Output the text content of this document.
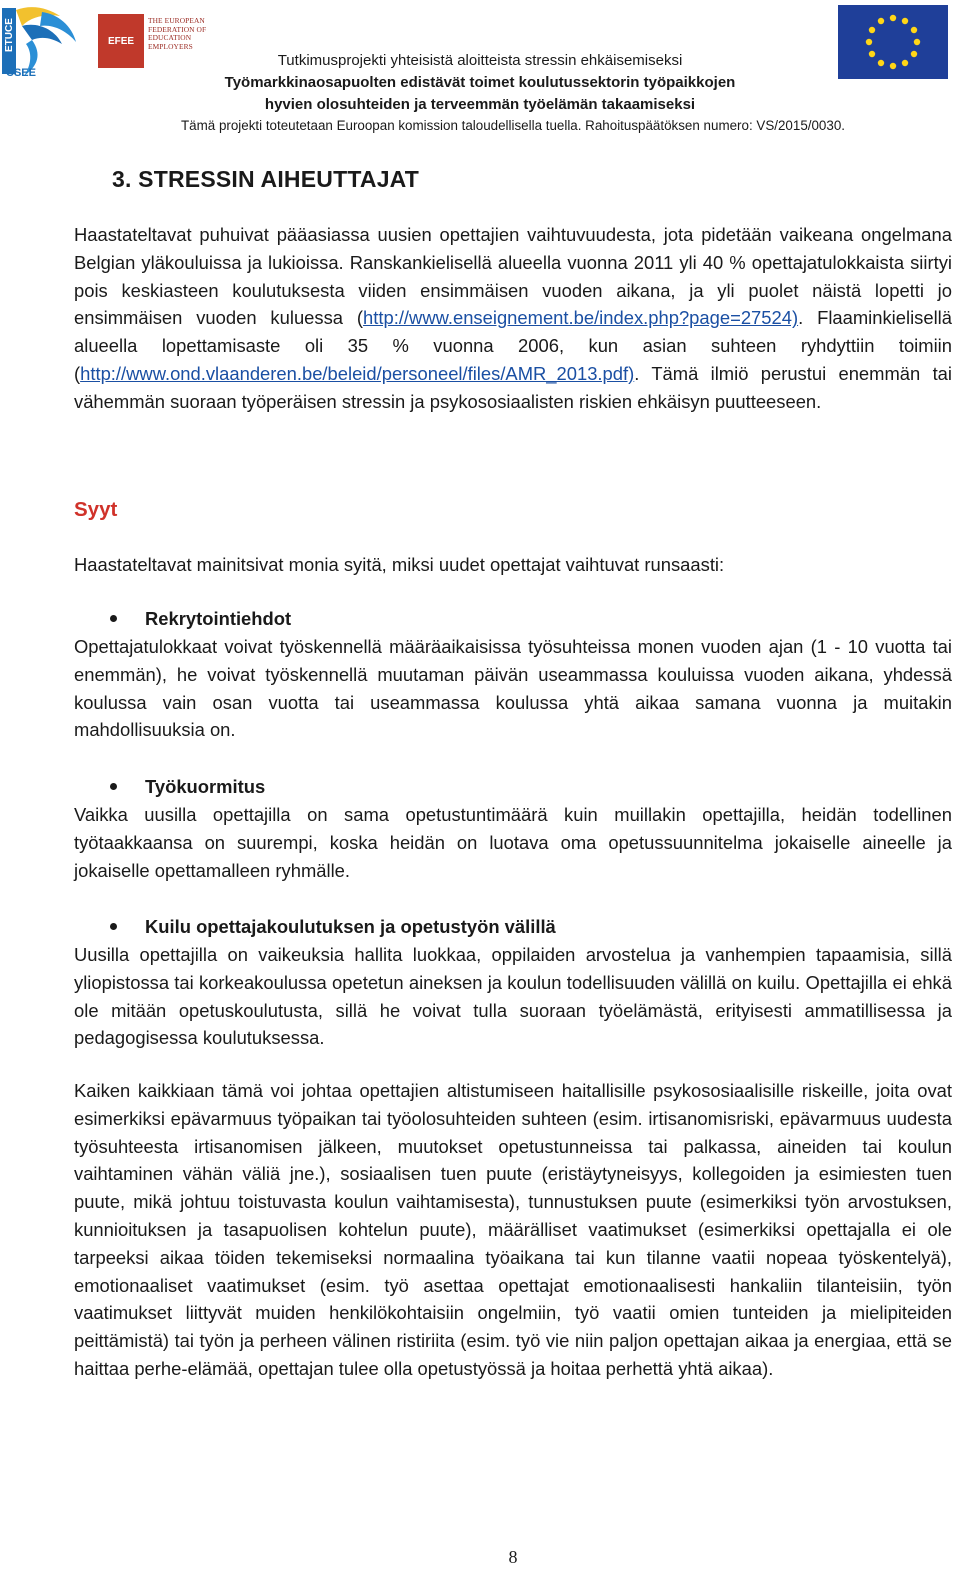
ETUCE
CSEE
EFEE
THE EUROPEAN FEDERATION OF EDUCATION EMPLOYERS
Tutkimusprojekti yhteisistä aloitteista stressin ehkäisemiseksi
Työmarkkinaosapuolten edistävät toimet koulutussektorin työpaikkojen
hyvien olosuhteiden ja terveemmän työelämän takaamiseksi
Tämä projekti toteutetaan Euroopan komission taloudellisella tuella. Rahoituspäätöksen numero: VS/2015/0030.
3. STRESSIN AIHEUTTAJAT
Haastateltavat puhuivat pääasiassa uusien opettajien vaihtuvuudesta, jota pidetään vaikeana ongelmana Belgian yläkouluissa ja lukioissa. Ranskankielisellä alueella vuonna 2011 yli 40 % opettajatulokkaista siirtyi pois keskiasteen koulutuksesta viiden ensimmäisen vuoden aikana, ja yli puolet näistä lopetti jo ensimmäisen vuoden kuluessa (http://www.enseignement.be/index.php?page=27524). Flaaminkielisellä alueella lopettamisaste oli 35 % vuonna 2006, kun asian suhteen ryhdyttiin toimiin (http://www.ond.vlaanderen.be/beleid/personeel/files/AMR_2013.pdf). Tämä ilmiö perustui enemmän tai vähemmän suoraan työperäisen stressin ja psykososiaalisten riskien ehkäisyn puutteeseen.
Syyt
Haastateltavat mainitsivat monia syitä, miksi uudet opettajat vaihtuvat runsaasti:
Rekrytointiehdot
Opettajatulokkaat voivat työskennellä määräaikaisissa työsuhteissa monen vuoden ajan (1 - 10 vuotta tai enemmän), he voivat työskennellä muutaman päivän useammassa kouluissa vuoden aikana, yhdessä koulussa vain osan vuotta tai useammassa koulussa yhtä aikaa samana vuonna ja muitakin mahdollisuuksia on.
Työkuormitus
Vaikka uusilla opettajilla on sama opetustuntimäärä kuin muillakin opettajilla, heidän todellinen työtaakkaansa on suurempi, koska heidän on luotava oma opetussuunnitelma jokaiselle aineelle ja jokaiselle opettamalleen ryhmälle.
Kuilu opettajakoulutuksen ja opetustyön välillä
Uusilla opettajilla on vaikeuksia hallita luokkaa, oppilaiden arvostelua ja vanhempien tapaamisia, sillä yliopistossa tai korkeakoulussa opetetun aineksen ja koulun todellisuuden välillä on kuilu. Opettajilla ei ehkä ole mitään opetuskoulutusta, sillä he voivat tulla suoraan työelämästä, erityisesti ammatillisessa ja pedagogisessa koulutuksessa.
Kaiken kaikkiaan tämä voi johtaa opettajien altistumiseen haitallisille psykososiaalisille riskeille, joita ovat esimerkiksi epävarmuus työpaikan tai työolosuhteiden suhteen (esim. irtisanomisriski, epävarmuus uudesta työsuhteesta irtisanomisen jälkeen, muutokset opetustunneissa tai palkassa, aineiden tai koulun vaihtaminen vähän väliä jne.), sosiaalisen tuen puute (eristäytyneisyys, kollegoiden ja esimiesten tuen puute, mikä johtuu toistuvasta koulun vaihtamisesta), tunnustuksen puute (esimerkiksi työn arvostuksen, kunnioituksen ja tasapuolisen kohtelun puute), määrälliset vaatimukset (esimerkiksi opettajalla ei ole tarpeeksi aikaa töiden tekemiseksi normaalina työaikana tai kun tilanne vaatii nopeaa työskentelyä), emotionaaliset vaatimukset (esim. työ asettaa opettajat emotionaalisesti hankaliin tilanteisiin, työn vaatimukset liittyvät muiden henkilökohtaisiin ongelmiin, työ vaatii omien tunteiden ja mielipiteiden peittämistä) tai työn ja perheen välinen ristiriita (esim. työ vie niin paljon opettajan aikaa ja energiaa, että se haittaa perhe-elämää, opettajan tulee olla opetustyössä ja hoitaa perhettä yhtä aikaa).
8
